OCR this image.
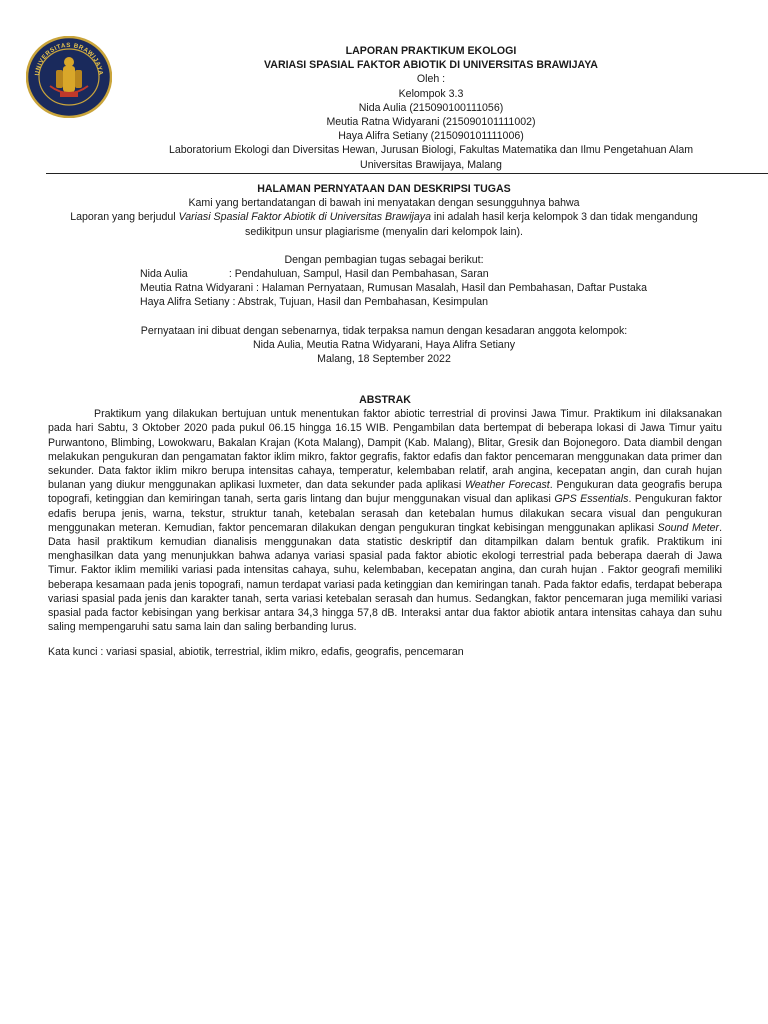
UNIVERSITAS BRAWIJAYA
LAPORAN PRAKTIKUM EKOLOGI
VARIASI SPASIAL FAKTOR ABIOTIK DI UNIVERSITAS BRAWIJAYA
Oleh :
Kelompok 3.3
Nida Aulia (215090100111056)
Meutia Ratna Widyarani (215090101111002)
Haya Alifra Setiany (215090101111006)
Laboratorium Ekologi dan Diversitas Hewan, Jurusan Biologi, Fakultas Matematika dan Ilmu Pengetahuan Alam
Universitas Brawijaya, Malang
HALAMAN PERNYATAAN DAN DESKRIPSI TUGAS
Kami yang bertandatangan di bawah ini menyatakan dengan sesungguhnya bahwa
Laporan yang berjudul Variasi Spasial Faktor Abiotik di Universitas Brawijaya ini adalah hasil kerja kelompok 3 dan tidak mengandung
sedikitpun unsur plagiarisme (menyalin dari kelompok lain).
Dengan pembagian tugas sebagai berikut:
Nida Aulia              : Pendahuluan, Sampul, Hasil dan Pembahasan, Saran
Meutia Ratna Widyarani : Halaman Pernyataan, Rumusan Masalah, Hasil dan Pembahasan, Daftar Pustaka
Haya Alifra Setiany : Abstrak, Tujuan, Hasil dan Pembahasan, Kesimpulan
Pernyataan ini dibuat dengan sebenarnya, tidak terpaksa namun dengan kesadaran anggota kelompok:
Nida Aulia, Meutia Ratna Widyarani, Haya Alifra Setiany
Malang, 18 September 2022
ABSTRAK

Praktikum yang dilakukan bertujuan untuk menentukan faktor abiotic terrestrial di provinsi Jawa Timur. Praktikum ini dilaksanakan pada hari Sabtu, 3 Oktober 2020 pada pukul 06.15 hingga 16.15 WIB. Pengambilan data bertempat di beberapa lokasi di Jawa Timur yaitu Purwantono, Blimbing, Lowokwaru, Bakalan Krajan (Kota Malang), Dampit (Kab. Malang), Blitar, Gresik dan Bojonegoro. Data diambil dengan melakukan pengukuran dan pengamatan faktor iklim mikro, faktor gegrafis, faktor edafis dan faktor pencemaran menggunakan data primer dan sekunder. Data faktor iklim mikro berupa intensitas cahaya, temperatur, kelembaban relatif, arah angina, kecepatan angin, dan curah hujan bulanan yang diukur menggunakan aplikasi luxmeter, dan data sekunder pada aplikasi Weather Forecast. Pengukuran data geografis berupa topografi, ketinggian dan kemiringan tanah, serta garis lintang dan bujur menggunakan visual dan aplikasi GPS Essentials. Pengukuran faktor edafis berupa jenis, warna, tekstur, struktur tanah, ketebalan serasah dan ketebalan humus dilakukan secara visual dan pengukuran menggunakan meteran. Kemudian, faktor pencemaran dilakukan dengan pengukuran tingkat kebisingan menggunakan aplikasi Sound Meter. Data hasil praktikum kemudian dianalisis menggunakan data statistic deskriptif dan ditampilkan dalam bentuk grafik. Praktikum ini menghasilkan data yang menunjukkan bahwa adanya variasi spasial pada faktor abiotic ekologi terrestrial pada beberapa daerah di Jawa Timur. Faktor iklim memiliki variasi pada intensitas cahaya, suhu, kelembaban, kecepatan angina, dan curah hujan . Faktor geografi memiliki beberapa kesamaan pada jenis topografi, namun terdapat variasi pada ketinggian dan kemiringan tanah. Pada faktor edafis, terdapat beberapa variasi spasial pada jenis dan karakter tanah, serta variasi ketebalan serasah dan humus. Sedangkan, faktor pencemaran juga memiliki variasi spasial pada factor kebisingan yang berkisar antara 34,3 hingga 57,8 dB. Interaksi antar dua faktor abiotik antara intensitas cahaya dan suhu saling mempengaruhi satu sama lain dan saling berbanding lurus.

Kata kunci : variasi spasial, abiotik, terrestrial, iklim mikro, edafis, geografis, pencemaran
